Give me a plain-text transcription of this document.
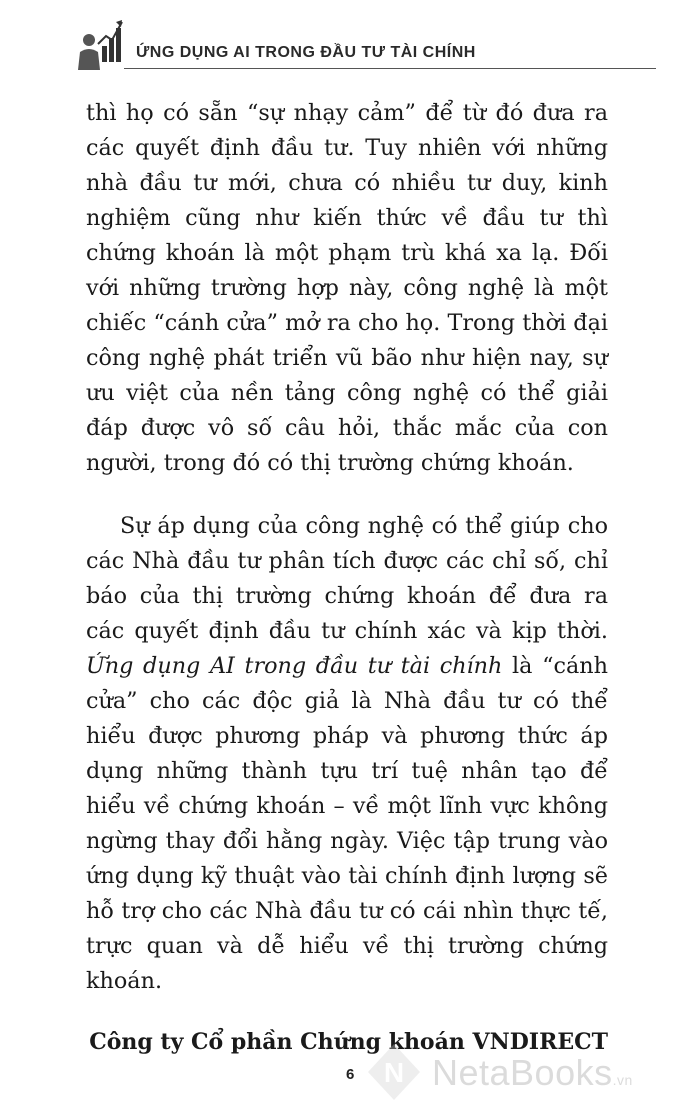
ỨNG DỤNG AI TRONG ĐẦU TƯ TÀI CHÍNH

thì họ có sẵn “sự nhạy cảm” để từ đó đưa ra các quyết định đầu tư. Tuy nhiên với những nhà đầu tư mới, chưa có nhiều tư duy, kinh nghiệm cũng như kiến thức về đầu tư thì chứng khoán là một phạm trù khá xa lạ. Đối với những trường hợp này, công nghệ là một chiếc “cánh cửa” mở ra cho họ. Trong thời đại công nghệ phát triển vũ bão như hiện nay, sự ưu việt của nền tảng công nghệ có thể giải đáp được vô số câu hỏi, thắc mắc của con người, trong đó có thị trường chứng khoán.

Sự áp dụng của công nghệ có thể giúp cho các Nhà đầu tư phân tích được các chỉ số, chỉ báo của thị trường chứng khoán để đưa ra các quyết định đầu tư chính xác và kịp thời. Ứng dụng AI trong đầu tư tài chính là “cánh cửa” cho các độc giả là Nhà đầu tư có thể hiểu được phương pháp và phương thức áp dụng những thành tựu trí tuệ nhân tạo để hiểu về chứng khoán – về một lĩnh vực không ngừng thay đổi hằng ngày. Việc tập trung vào ứng dụng kỹ thuật vào tài chính định lượng sẽ hỗ trợ cho các Nhà đầu tư có cái nhìn thực tế, trực quan và dễ hiểu về thị trường chứng khoán.

Công ty Cổ phần Chứng khoán VNDIRECT
6 N NetaBooks.vn
